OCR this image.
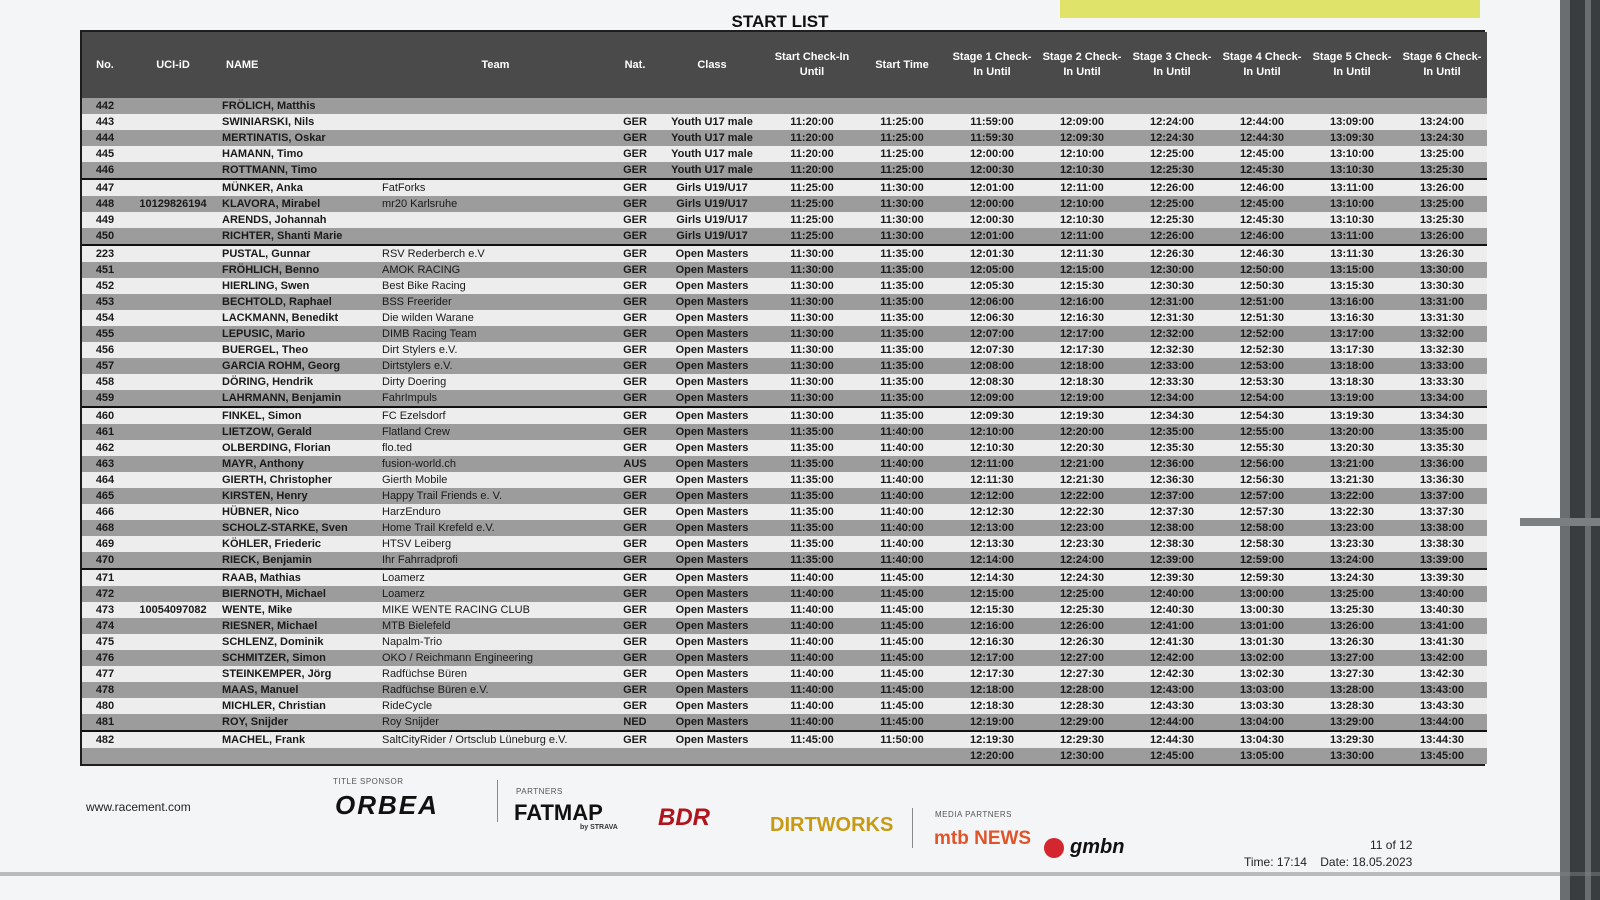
START LIST
No.	UCI-iD	NAME	Team	Nat.	Class	Start Check-In Until	Start Time	Stage 1 Check-In Until	Stage 2 Check-In Until	Stage 3 Check-In Until	Stage 4 Check-In Until	Stage 5 Check-In Until	Stage 6 Check-In Until
442		FRÖLICH, Matthis											
443		SWINIARSKI, Nils		GER	Youth U17 male	11:20:00	11:25:00	11:59:00	12:09:00	12:24:00	12:44:00	13:09:00	13:24:00
444		MERTINATIS, Oskar		GER	Youth U17 male	11:20:00	11:25:00	11:59:30	12:09:30	12:24:30	12:44:30	13:09:30	13:24:30
445		HAMANN, Timo		GER	Youth U17 male	11:20:00	11:25:00	12:00:00	12:10:00	12:25:00	12:45:00	13:10:00	13:25:00
446		ROTTMANN, Timo		GER	Youth U17 male	11:20:00	11:25:00	12:00:30	12:10:30	12:25:30	12:45:30	13:10:30	13:25:30
447		MÜNKER, Anka	FatForks	GER	Girls U19/U17	11:25:00	11:30:00	12:01:00	12:11:00	12:26:00	12:46:00	13:11:00	13:26:00
448	10129826194	KLAVORA, Mirabel	mr20 Karlsruhe	GER	Girls U19/U17	11:25:00	11:30:00	12:00:00	12:10:00	12:25:00	12:45:00	13:10:00	13:25:00
449		ARENDS, Johannah		GER	Girls U19/U17	11:25:00	11:30:00	12:00:30	12:10:30	12:25:30	12:45:30	13:10:30	13:25:30
450		RICHTER, Shanti Marie		GER	Girls U19/U17	11:25:00	11:30:00	12:01:00	12:11:00	12:26:00	12:46:00	13:11:00	13:26:00
223		PUSTAL, Gunnar	RSV Rederberch e.V	GER	Open Masters	11:30:00	11:35:00	12:01:30	12:11:30	12:26:30	12:46:30	13:11:30	13:26:30
451		FRÖHLICH, Benno	AMOK RACING	GER	Open Masters	11:30:00	11:35:00	12:05:00	12:15:00	12:30:00	12:50:00	13:15:00	13:30:00
452		HIERLING, Swen	Best Bike Racing	GER	Open Masters	11:30:00	11:35:00	12:05:30	12:15:30	12:30:30	12:50:30	13:15:30	13:30:30
453		BECHTOLD, Raphael	BSS Freerider	GER	Open Masters	11:30:00	11:35:00	12:06:00	12:16:00	12:31:00	12:51:00	13:16:00	13:31:00
454		LACKMANN, Benedikt	Die wilden Warane	GER	Open Masters	11:30:00	11:35:00	12:06:30	12:16:30	12:31:30	12:51:30	13:16:30	13:31:30
455		LEPUSIC, Mario	DIMB Racing Team	GER	Open Masters	11:30:00	11:35:00	12:07:00	12:17:00	12:32:00	12:52:00	13:17:00	13:32:00
456		BUERGEL, Theo	Dirt Stylers e.V.	GER	Open Masters	11:30:00	11:35:00	12:07:30	12:17:30	12:32:30	12:52:30	13:17:30	13:32:30
457		GARCIA ROHM, Georg	Dirtstylers e.V.	GER	Open Masters	11:30:00	11:35:00	12:08:00	12:18:00	12:33:00	12:53:00	13:18:00	13:33:00
458		DÖRING, Hendrik	Dirty Doering	GER	Open Masters	11:30:00	11:35:00	12:08:30	12:18:30	12:33:30	12:53:30	13:18:30	13:33:30
459		LAHRMANN, Benjamin	FahrImpuls	GER	Open Masters	11:30:00	11:35:00	12:09:00	12:19:00	12:34:00	12:54:00	13:19:00	13:34:00
460		FINKEL, Simon	FC Ezelsdorf	GER	Open Masters	11:30:00	11:35:00	12:09:30	12:19:30	12:34:30	12:54:30	13:19:30	13:34:30
461		LIETZOW, Gerald	Flatland Crew	GER	Open Masters	11:35:00	11:40:00	12:10:00	12:20:00	12:35:00	12:55:00	13:20:00	13:35:00
462		OLBERDING, Florian	flo.ted	GER	Open Masters	11:35:00	11:40:00	12:10:30	12:20:30	12:35:30	12:55:30	13:20:30	13:35:30
463		MAYR, Anthony	fusion-world.ch	AUS	Open Masters	11:35:00	11:40:00	12:11:00	12:21:00	12:36:00	12:56:00	13:21:00	13:36:00
464		GIERTH, Christopher	Gierth Mobile	GER	Open Masters	11:35:00	11:40:00	12:11:30	12:21:30	12:36:30	12:56:30	13:21:30	13:36:30
465		KIRSTEN, Henry	Happy Trail Friends e. V.	GER	Open Masters	11:35:00	11:40:00	12:12:00	12:22:00	12:37:00	12:57:00	13:22:00	13:37:00
466		HÜBNER, Nico	HarzEnduro	GER	Open Masters	11:35:00	11:40:00	12:12:30	12:22:30	12:37:30	12:57:30	13:22:30	13:37:30
468		SCHOLZ-STARKE, Sven	Home Trail Krefeld e.V.	GER	Open Masters	11:35:00	11:40:00	12:13:00	12:23:00	12:38:00	12:58:00	13:23:00	13:38:00
469		KÖHLER, Friederic	HTSV Leiberg	GER	Open Masters	11:35:00	11:40:00	12:13:30	12:23:30	12:38:30	12:58:30	13:23:30	13:38:30
470		RIECK, Benjamin	Ihr Fahrradprofi	GER	Open Masters	11:35:00	11:40:00	12:14:00	12:24:00	12:39:00	12:59:00	13:24:00	13:39:00
471		RAAB, Mathias	Loamerz	GER	Open Masters	11:40:00	11:45:00	12:14:30	12:24:30	12:39:30	12:59:30	13:24:30	13:39:30
472		BIERNOTH, Michael	Loamerz	GER	Open Masters	11:40:00	11:45:00	12:15:00	12:25:00	12:40:00	13:00:00	13:25:00	13:40:00
473	10054097082	WENTE, Mike	MIKE WENTE RACING CLUB	GER	Open Masters	11:40:00	11:45:00	12:15:30	12:25:30	12:40:30	13:00:30	13:25:30	13:40:30
474		RIESNER, Michael	MTB Bielefeld	GER	Open Masters	11:40:00	11:45:00	12:16:00	12:26:00	12:41:00	13:01:00	13:26:00	13:41:00
475		SCHLENZ, Dominik	Napalm-Trio	GER	Open Masters	11:40:00	11:45:00	12:16:30	12:26:30	12:41:30	13:01:30	13:26:30	13:41:30
476		SCHMITZER, Simon	OKO / Reichmann Engineering	GER	Open Masters	11:40:00	11:45:00	12:17:00	12:27:00	12:42:00	13:02:00	13:27:00	13:42:00
477		STEINKEMPER, Jörg	Radfüchse Büren	GER	Open Masters	11:40:00	11:45:00	12:17:30	12:27:30	12:42:30	13:02:30	13:27:30	13:42:30
478		MAAS, Manuel	Radfüchse Büren e.V.	GER	Open Masters	11:40:00	11:45:00	12:18:00	12:28:00	12:43:00	13:03:00	13:28:00	13:43:00
480		MICHLER, Christian	RideCycle	GER	Open Masters	11:40:00	11:45:00	12:18:30	12:28:30	12:43:30	13:03:30	13:28:30	13:43:30
481		ROY, Snijder	Roy Snijder	NED	Open Masters	11:40:00	11:45:00	12:19:00	12:29:00	12:44:00	13:04:00	13:29:00	13:44:00
482		MACHEL, Frank	SaltCityRider / Ortsclub Lüneburg e.V.	GER	Open Masters	11:45:00	11:50:00	12:19:30	12:29:30	12:44:30	13:04:30	13:29:30	13:44:30
								12:20:00	12:30:00	12:45:00	13:05:00	13:30:00	13:45:00
www.racement.com
TITLE SPONSOR
ORBEA	PARTNERS
FATMAP
by STRAVA BDR	DIRTWORKS	MEDIA PARTNERS
mtb NEWS gmbn	11 of 12
Time: 17:14 Date: 18.05.2023
